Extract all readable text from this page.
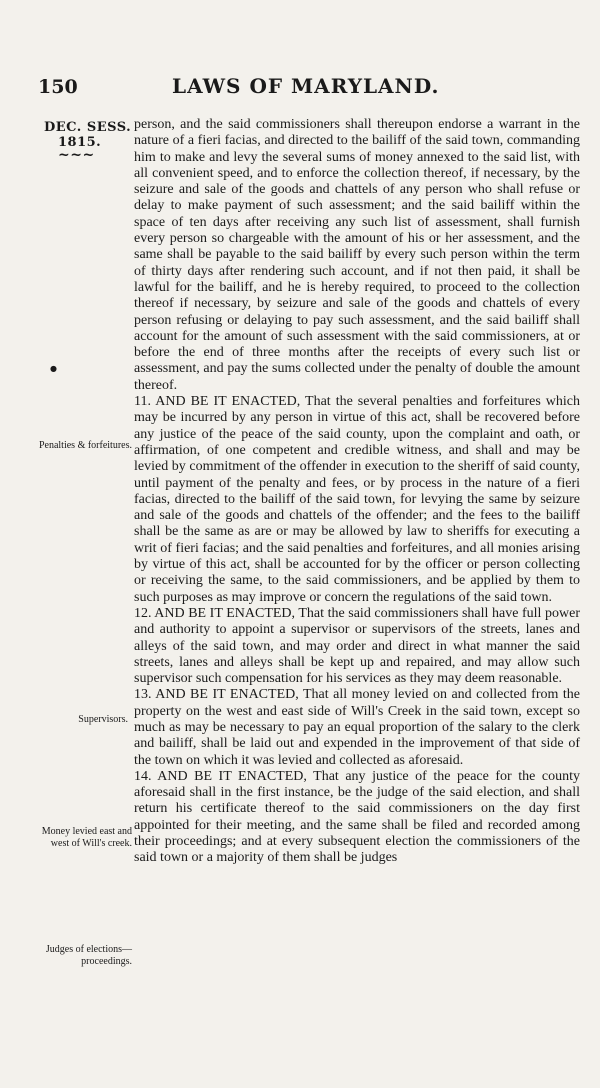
150	LAWS OF MARYLAND.
DEC. SESS.
1815.
~~~
●
Penalties & forfeitures.
Supervisors.
Money levied east and west of Will's creek.
Judges of elections—proceedings.

person, and the said commissioners shall thereupon endorse a warrant in the nature of a fieri facias, and directed to the bailiff of the said town, commanding him to make and levy the several sums of money annexed to the said list, with all convenient speed, and to enforce the collection thereof, if necessary, by the seizure and sale of the goods and chattels of any person who shall refuse or delay to make payment of such assessment; and the said bailiff within the space of ten days after receiving any such list of assessment, shall furnish every person so chargeable with the amount of his or her assessment, and the same shall be payable to the said bailiff by every such person within the term of thirty days after rendering such account, and if not then paid, it shall be lawful for the bailiff, and he is hereby required, to proceed to the collection thereof if necessary, by seizure and sale of the goods and chattels of every person refusing or delaying to pay such assessment, and the said bailiff shall account for the amount of such assessment with the said commissioners, at or before the end of three months after the receipts of every such list or assessment, and pay the sums collected under the penalty of double the amount thereof.

11. AND BE IT ENACTED, That the several penalties and forfeitures which may be incurred by any person in virtue of this act, shall be recovered before any justice of the peace of the said county, upon the complaint and oath, or affirmation, of one competent and credible witness, and shall and may be levied by commitment of the offender in execution to the sheriff of said county, until payment of the penalty and fees, or by process in the nature of a fieri facias, directed to the bailiff of the said town, for levying the same by seizure and sale of the goods and chattels of the offender; and the fees to the bailiff shall be the same as are or may be allowed by law to sheriffs for executing a writ of fieri facias; and the said penalties and forfeitures, and all monies arising by virtue of this act, shall be accounted for by the officer or person collecting or receiving the same, to the said commissioners, and be applied by them to such purposes as may improve or concern the regulations of the said town.

12. AND BE IT ENACTED, That the said commissioners shall have full power and authority to appoint a supervisor or supervisors of the streets, lanes and alleys of the said town, and may order and direct in what manner the said streets, lanes and alleys shall be kept up and repaired, and may allow such supervisor such compensation for his services as they may deem reasonable.

13. AND BE IT ENACTED, That all money levied on and collected from the property on the west and east side of Will's Creek in the said town, except so much as may be necessary to pay an equal proportion of the salary to the clerk and bailiff, shall be laid out and expended in the improvement of that side of the town on which it was levied and collected as aforesaid.

14. AND BE IT ENACTED, That any justice of the peace for the county aforesaid shall in the first instance, be the judge of the said election, and shall return his certificate thereof to the said commissioners on the day first appointed for their meeting, and the same shall be filed and recorded among their proceedings; and at every subsequent election the commissioners of the said town or a majority of them shall be judges
